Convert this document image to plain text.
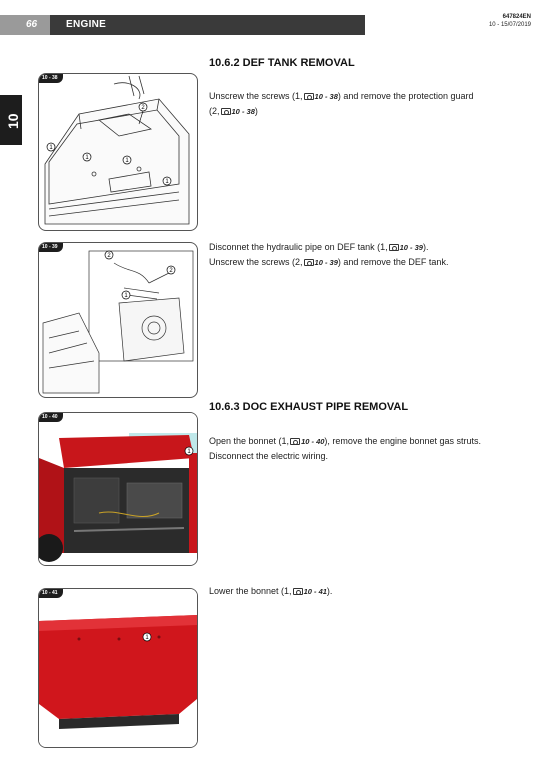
66	ENGINE
647824EN
10 - 15/07/2019
10
10 - 38
2
1
1	1
1
10 - 39
2
2
1
10 - 40
1
10 - 41
1
10.6.2 DEF TANK REMOVAL
10.6.3 DOC EXHAUST PIPE REMOVAL
Unscrew the screws (1, 10 - 38) and remove the protection guard
(2, 10 - 38)
Disconnet the hydraulic pipe on DEF tank (1, 10 - 39).
Unscrew the screws (2, 10 - 39) and remove the DEF tank.
Open the bonnet (1, 10 - 40), remove the engine bonnet gas struts.
Disconnect the electric wiring.
Lower the bonnet (1, 10 - 41).
